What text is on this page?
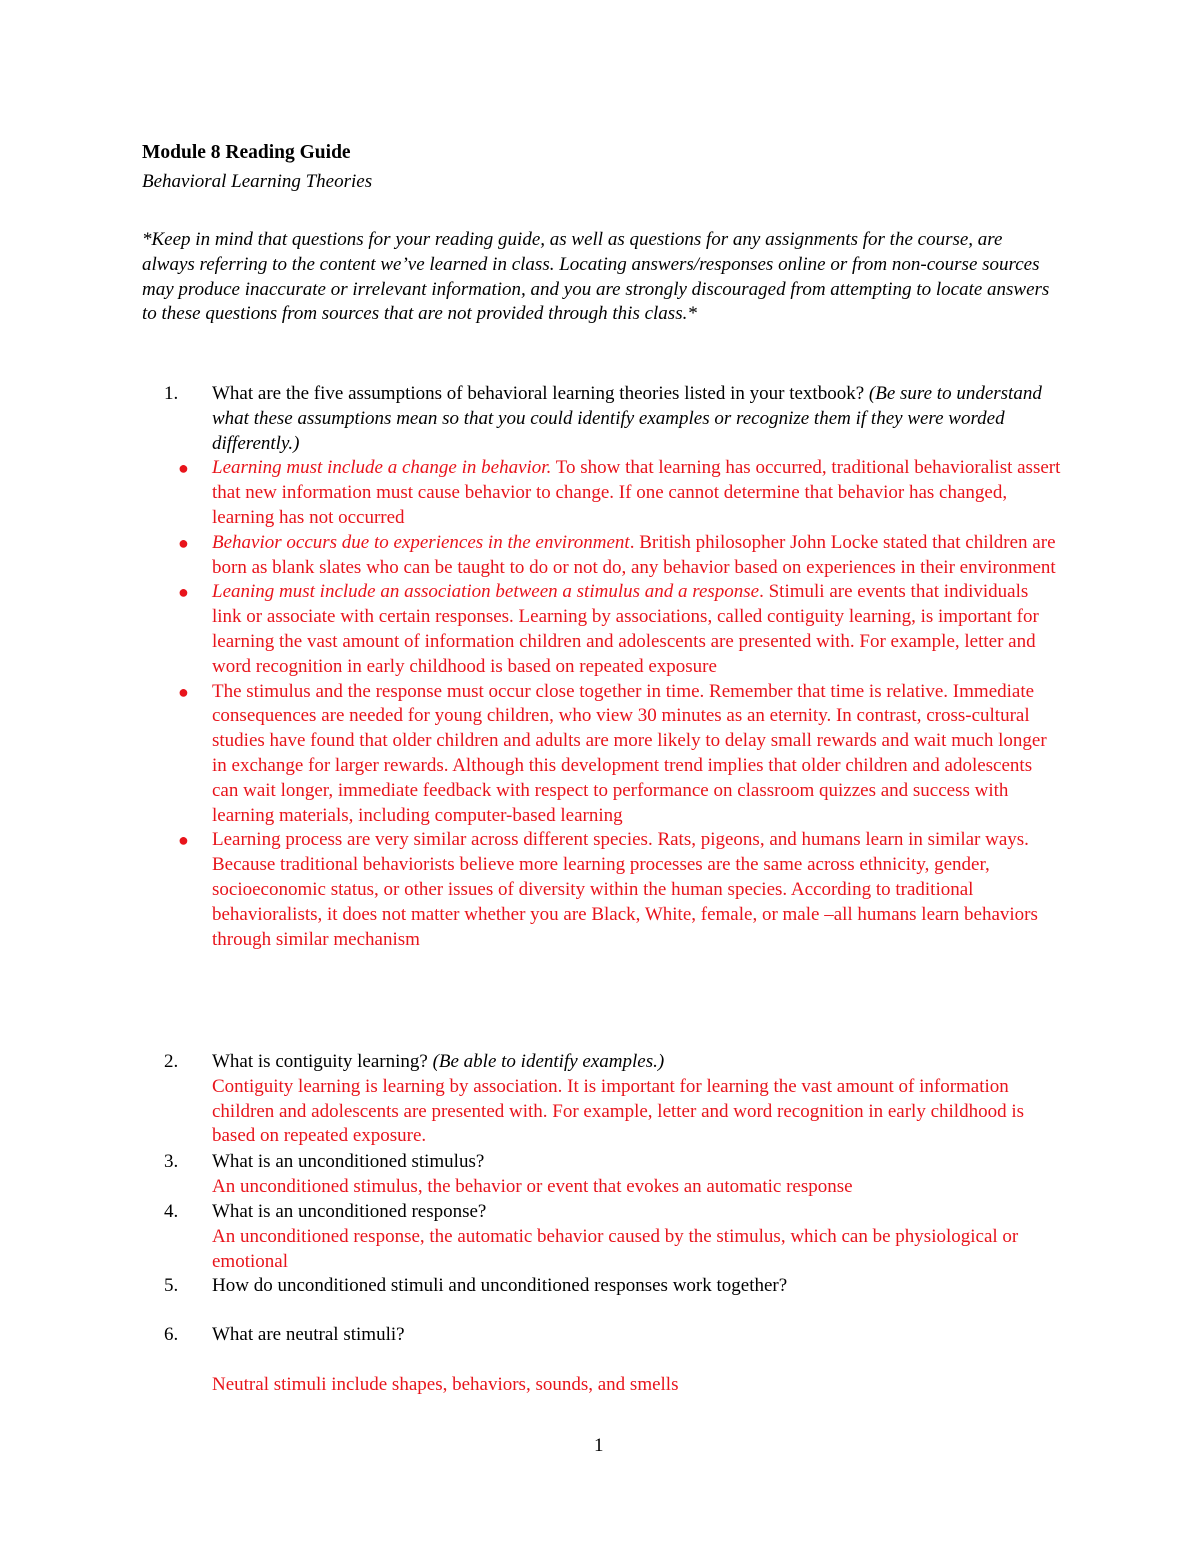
Module 8 Reading Guide
Behavioral Learning Theories
*Keep in mind that questions for your reading guide, as well as questions for any assignments for the course, are always referring to the content we’ve learned in class. Locating answers/responses online or from non-course sources may produce inaccurate or irrelevant information, and you are strongly discouraged from attempting to locate answers to these questions from sources that are not provided through this class.*
1. What are the five assumptions of behavioral learning theories listed in your textbook? (Be sure to understand what these assumptions mean so that you could identify examples or recognize them if they were worded differently.)
● Learning must include a change in behavior. To show that learning has occurred, traditional behavioralist assert that new information must cause behavior to change. If one cannot determine that behavior has changed, learning has not occurred
● Behavior occurs due to experiences in the environment. British philosopher John Locke stated that children are born as blank slates who can be taught to do or not do, any behavior based on experiences in their environment
● Leaning must include an association between a stimulus and a response. Stimuli are events that individuals link or associate with certain responses. Learning by associations, called contiguity learning, is important for learning the vast amount of information children and adolescents are presented with. For example, letter and word recognition in early childhood is based on repeated exposure
● The stimulus and the response must occur close together in time. Remember that time is relative. Immediate consequences are needed for young children, who view 30 minutes as an eternity. In contrast, cross-cultural studies have found that older children and adults are more likely to delay small rewards and wait much longer in exchange for larger rewards. Although this development trend implies that older children and adolescents can wait longer, immediate feedback with respect to performance on classroom quizzes and success with learning materials, including computer-based learning
● Learning process are very similar across different species. Rats, pigeons, and humans learn in similar ways. Because traditional behaviorists believe more learning processes are the same across ethnicity, gender, socioeconomic status, or other issues of diversity within the human species. According to traditional behavioralists, it does not matter whether you are Black, White, female, or male –all humans learn behaviors through similar mechanism
2. What is contiguity learning? (Be able to identify examples.)
Contiguity learning is learning by association. It is important for learning the vast amount of information children and adolescents are presented with. For example, letter and word recognition in early childhood is based on repeated exposure.
3. What is an unconditioned stimulus?
An unconditioned stimulus, the behavior or event that evokes an automatic response
4. What is an unconditioned response?
An unconditioned response, the automatic behavior caused by the stimulus, which can be physiological or emotional
5. How do unconditioned stimuli and unconditioned responses work together?
6. What are neutral stimuli?
Neutral stimuli include shapes, behaviors, sounds, and smells
1
